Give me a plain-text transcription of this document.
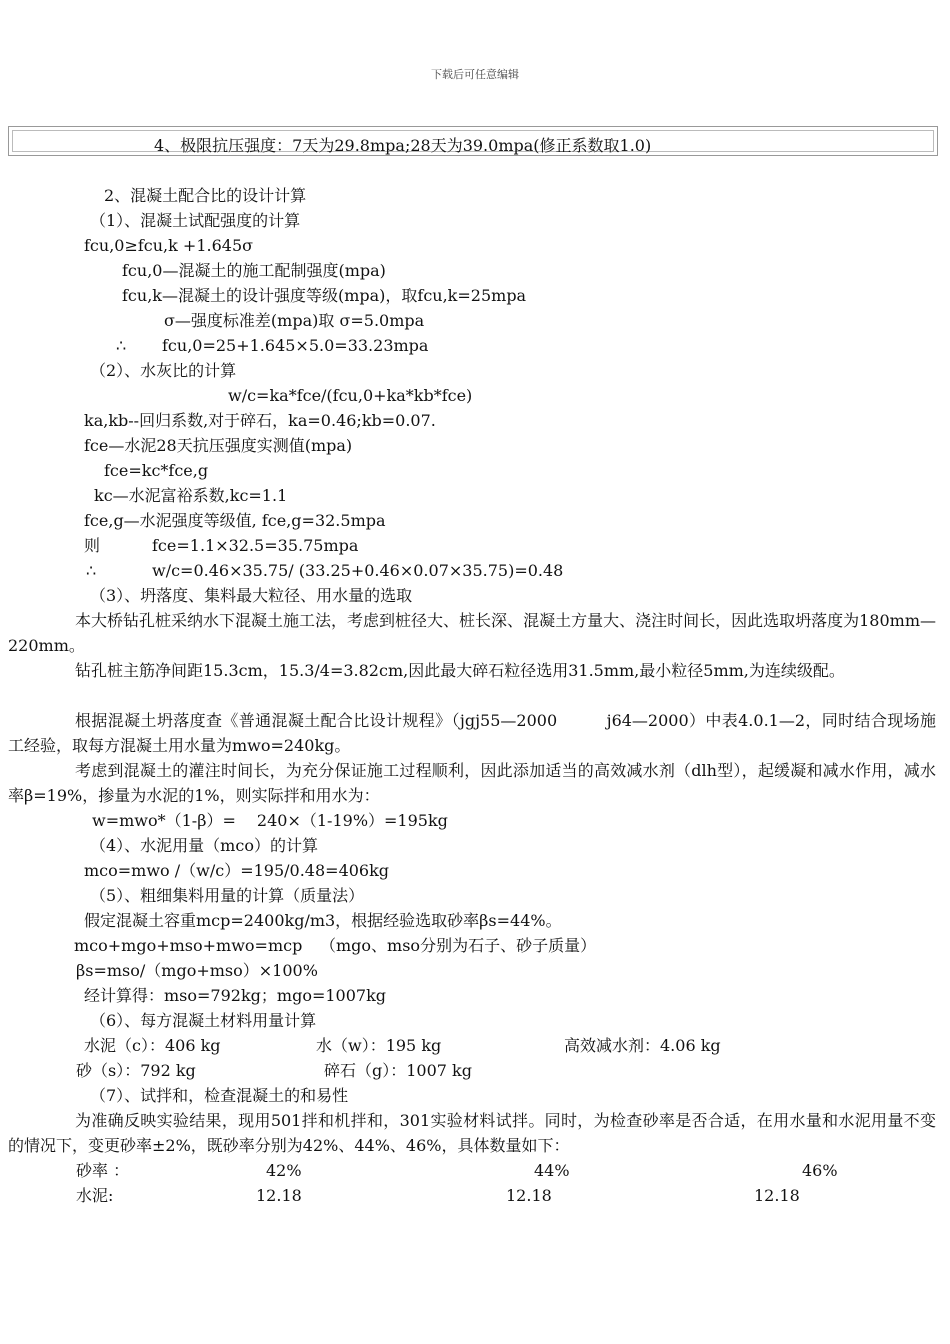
下载后可任意编辑
4、极限抗压强度：7天为29.8mpa;28天为39.0mpa(修正系数取1.0)
2、混凝土配合比的设计计算
（1）、混凝土试配强度的计算
fcu,0≥fcu,k +1.645σ
fcu,0—混凝土的施工配制强度(mpa)
fcu,k—混凝土的设计强度等级(mpa)，取fcu,k=25mpa
σ—强度标准差(mpa)取 σ=5.0mpa
∴ fcu,0=25+1.645×5.0=33.23mpa
（2）、水灰比的计算
w/c=ka*fce/(fcu,0+ka*kb*fce)
ka,kb--回归系数,对于碎石，ka=0.46;kb=0.07.
fce—水泥28天抗压强度实测值(mpa)
fce=kc*fce,g
kc—水泥富裕系数,kc=1.1
fce,g—水泥强度等级值, fce,g=32.5mpa
则	fce=1.1×32.5=35.75mpa
∴	w/c=0.46×35.75/ (33.25+0.46×0.07×35.75)=0.48
（3）、坍落度、集料最大粒径、用水量的选取
本大桥钻孔桩采纳水下混凝土施工法，考虑到桩径大、桩长深、混凝土方量大、浇注时间长，因此选取坍落度为180mm—220mm。
钻孔桩主筋净间距15.3cm，15.3/4=3.82cm,因此最大碎石粒径选用31.5mm,最小粒径5mm,为连续级配。
根据混凝土坍落度查《普通混凝土配合比设计规程》（jgj55—2000　　　j64—2000）中表4.0.1—2，同时结合现场施工经验，取每方混凝土用水量为mwo=240kg。
考虑到混凝土的灌注时间长，为充分保证施工过程顺利，因此添加适当的高效减水剂（dlh型），起缓凝和减水作用，减水率β=19%，掺量为水泥的1%，则实际拌和用水为：
w=mwo*（1-β）=　 240×（1-19%）=195kg
（4）、水泥用量（mco）的计算
mco=mwo /（w/c）=195/0.48=406kg
（5）、粗细集料用量的计算（质量法）
假定混凝土容重mcp=2400kg/m3，根据经验选取砂率βs=44%。
mco+mgo+mso+mwo=mcp （mgo、mso分别为石子、砂子质量）
βs=mso/（mgo+mso）×100%
经计算得：mso=792kg；mgo=1007kg
（6）、每方混凝土材料用量计算
水泥（c）：406 kg	水（w）：195 kg	高效减水剂：4.06 kg
砂（s）：792 kg	碎石（g）：1007 kg
（7）、试拌和，检查混凝土的和易性
为准确反映实验结果，现用501拌和机拌和，301实验材料试拌。同时，为检查砂率是否合适，在用水量和水泥用量不变的情况下，变更砂率±2%，既砂率分别为42%、44%、46%，具体数量如下：
砂率 ：	42%	44%	46%
水泥:	12.18	12.18	12.18
